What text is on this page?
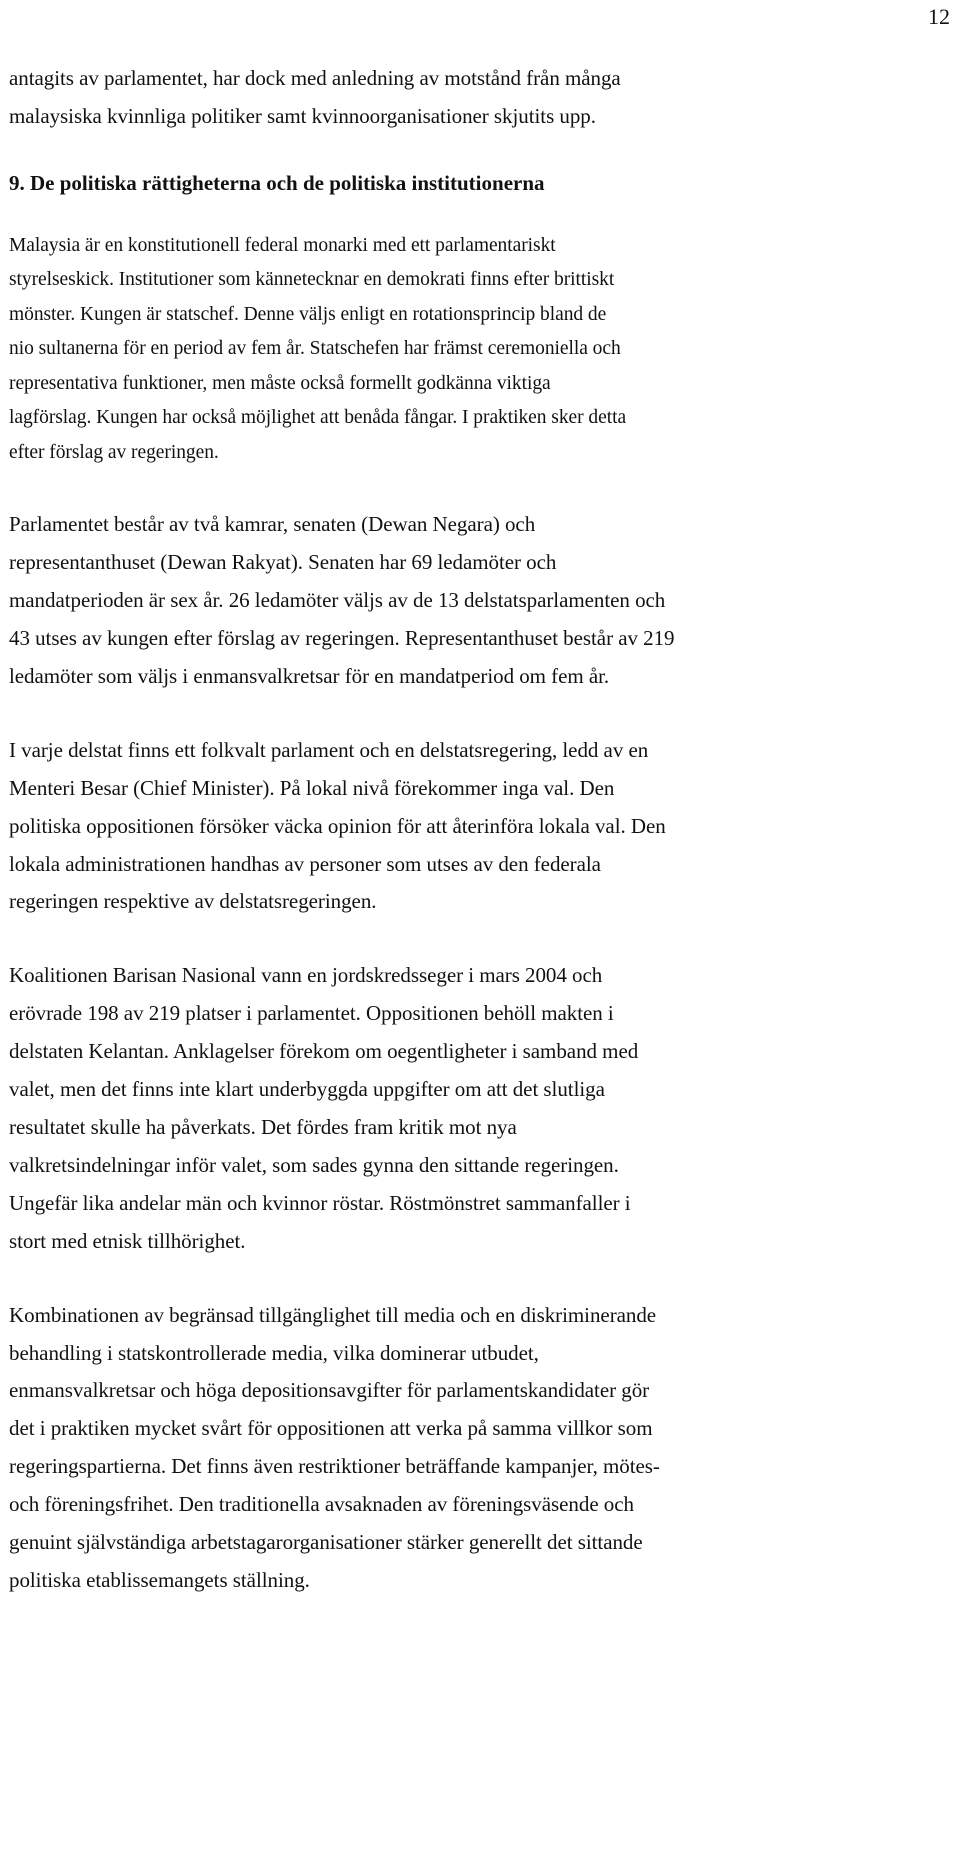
12

antagits av parlamentet, har dock med anledning av motstånd från många
malaysiska kvinnliga politiker samt kvinnoorganisationer skjutits upp.

9. De politiska rättigheterna och de politiska institutionerna

Malaysia är en konstitutionell federal monarki med ett parlamentariskt
styrelseskick. Institutioner som kännetecknar en demokrati finns efter brittiskt
mönster. Kungen är statschef. Denne väljs enligt en rotationsprincip bland de
nio sultanerna för en period av fem år. Statschefen har främst ceremoniella och
representativa funktioner, men måste också formellt godkänna viktiga
lagförslag. Kungen har också möjlighet att benåda fångar. I praktiken sker detta
efter förslag av regeringen.

Parlamentet består av två kamrar, senaten (Dewan Negara) och
representanthuset (Dewan Rakyat). Senaten har 69 ledamöter och
mandatperioden är sex år. 26 ledamöter väljs av de 13 delstatsparlamenten och
43 utses av kungen efter förslag av regeringen. Representanthuset består av 219
ledamöter som väljs i enmansvalkretsar för en mandatperiod om fem år.

I varje delstat finns ett folkvalt parlament och en delstatsregering, ledd av en
Menteri Besar (Chief Minister). På lokal nivå förekommer inga val. Den
politiska oppositionen försöker väcka opinion för att återinföra lokala val. Den
lokala administrationen handhas av personer som utses av den federala
regeringen respektive av delstatsregeringen.

Koalitionen Barisan Nasional vann en jordskredsseger i mars 2004 och
erövrade 198 av 219 platser i parlamentet. Oppositionen behöll makten i
delstaten Kelantan. Anklagelser förekom om oegentligheter i samband med
valet, men det finns inte klart underbyggda uppgifter om att det slutliga
resultatet skulle ha påverkats. Det fördes fram kritik mot nya
valkretsindelningar inför valet, som sades gynna den sittande regeringen.
Ungefär lika andelar män och kvinnor röstar. Röstmönstret sammanfaller i
stort med etnisk tillhörighet.

Kombinationen av begränsad tillgänglighet till media och en diskriminerande
behandling i statskontrollerade media, vilka dominerar utbudet,
enmansvalkretsar och höga depositionsavgifter för parlamentskandidater gör
det i praktiken mycket svårt för oppositionen att verka på samma villkor som
regeringspartierna. Det finns även restriktioner beträffande kampanjer, mötes-
och föreningsfrihet. Den traditionella avsaknaden av föreningsväsende och
genuint självständiga arbetstagarorganisationer stärker generellt det sittande
politiska etablissemangets ställning.
